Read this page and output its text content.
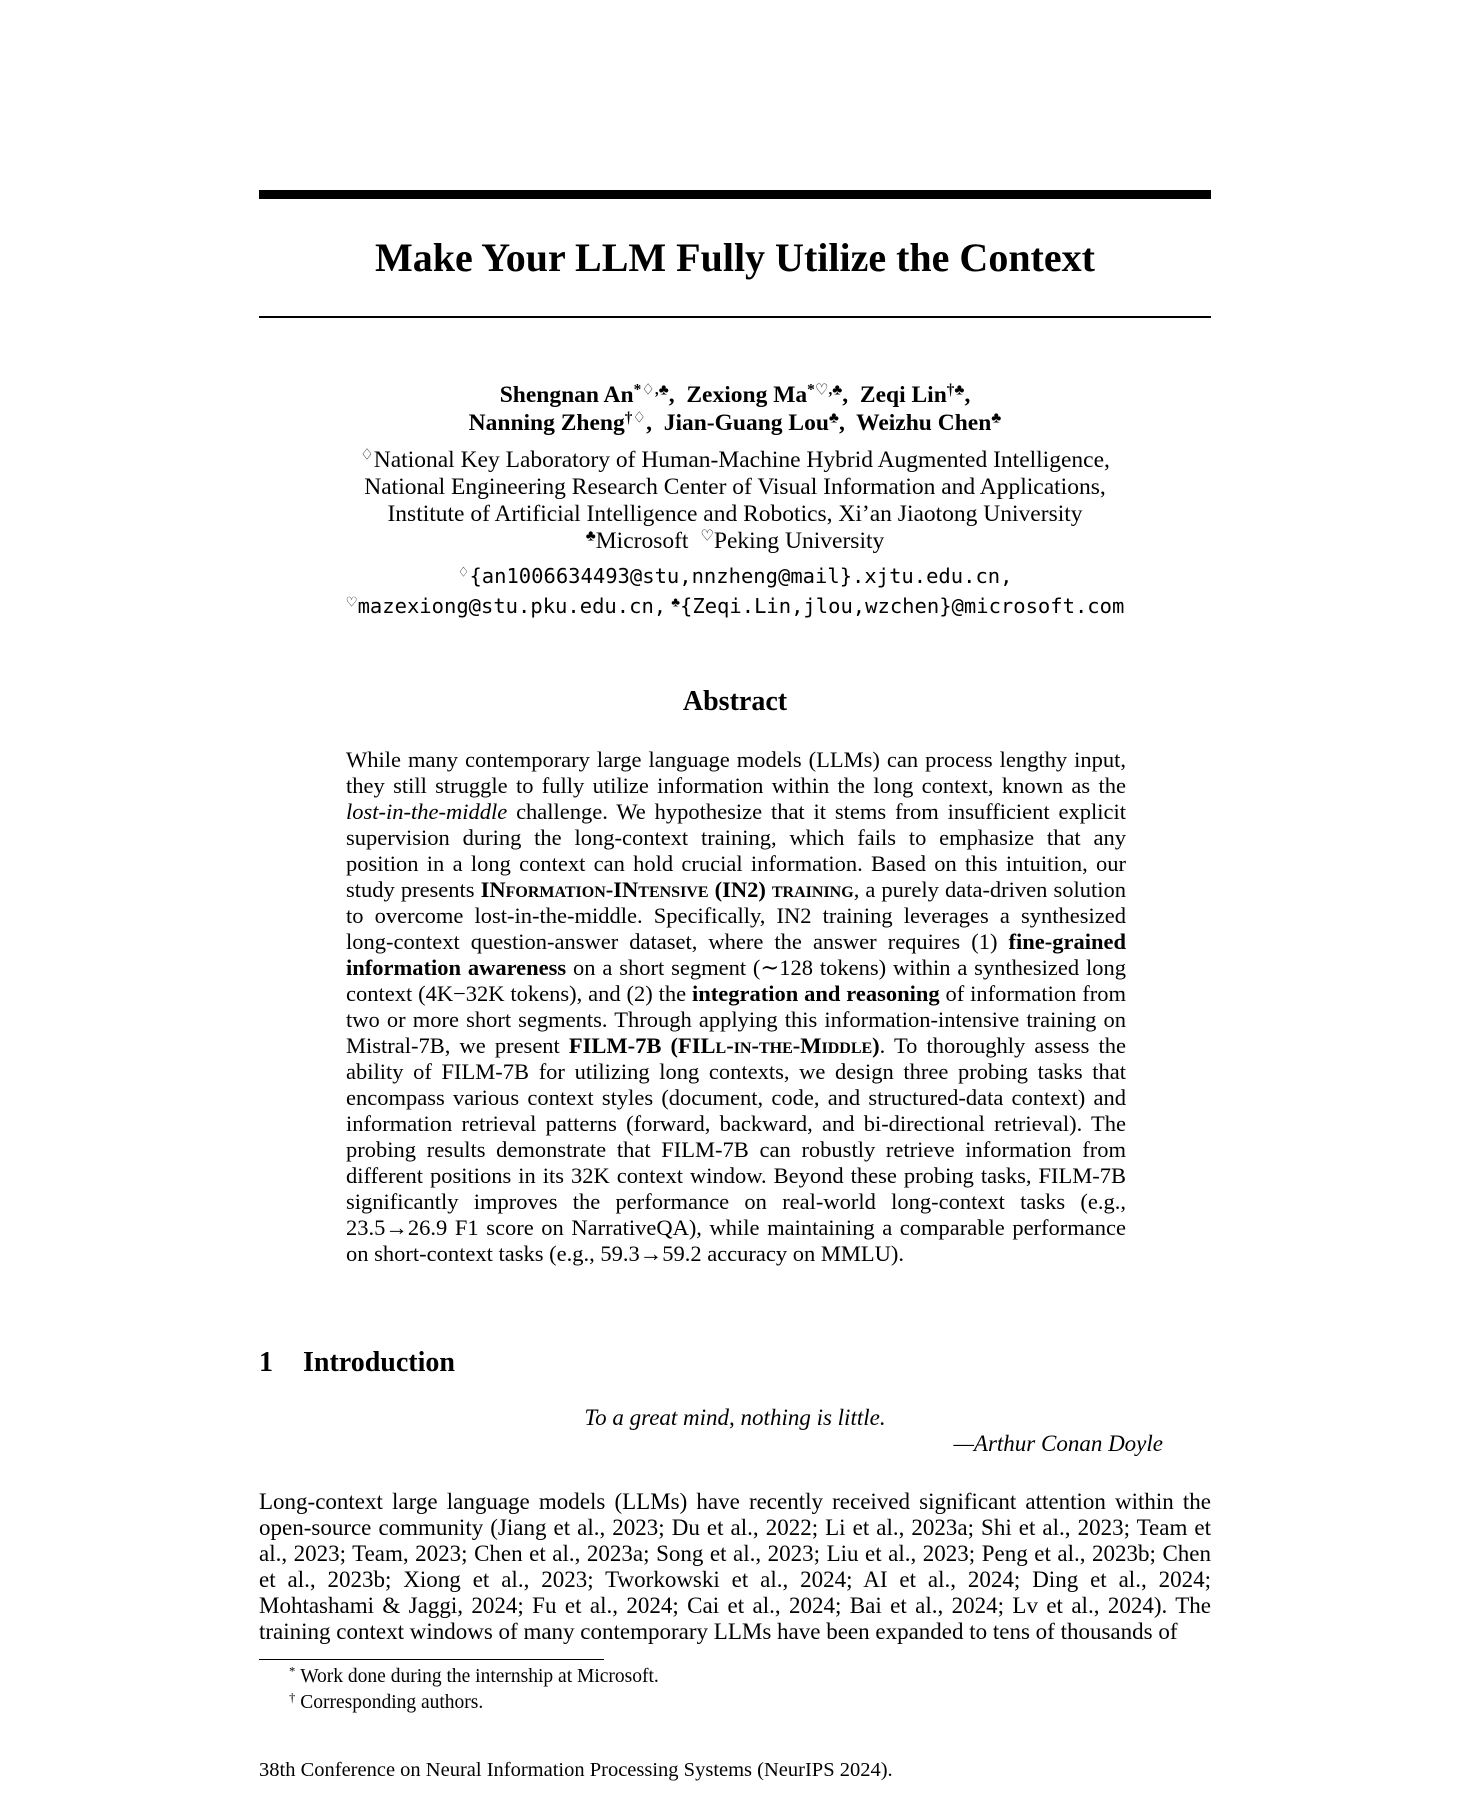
Make Your LLM Fully Utilize the Context
Shengnan An*♢,♣,  Zexiong Ma*♡,♣,  Zeqi Lin†♣,
Nanning Zheng†♢,  Jian-Guang Lou♣,  Weizhu Chen♣
♢National Key Laboratory of Human-Machine Hybrid Augmented Intelligence,
National Engineering Research Center of Visual Information and Applications,
Institute of Artificial Intelligence and Robotics, Xi’an Jiaotong University
♣Microsoft ♡Peking University
♢{an1006634493@stu,nnzheng@mail}.xjtu.edu.cn,
♡mazexiong@stu.pku.edu.cn, ♣{Zeqi.Lin,jlou,wzchen}@microsoft.com
Abstract
While many contemporary large language models (LLMs) can process lengthy input, they still struggle to fully utilize information within the long context, known as the lost-in-the-middle challenge. We hypothesize that it stems from insufficient explicit supervision during the long-context training, which fails to emphasize that any position in a long context can hold crucial information. Based on this intuition, our study presents INformation-INtensive (IN2) training, a purely data-driven solution to overcome lost-in-the-middle. Specifically, IN2 training leverages a synthesized long-context question-answer dataset, where the answer requires (1) fine-grained information awareness on a short segment (∼128 tokens) within a synthesized long context (4K−32K tokens), and (2) the integration and reasoning of information from two or more short segments. Through applying this information-intensive training on Mistral-7B, we present FILM-7B (FILl-in-the-Middle). To thoroughly assess the ability of FILM-7B for utilizing long contexts, we design three probing tasks that encompass various context styles (document, code, and structured-data context) and information retrieval patterns (forward, backward, and bi-directional retrieval). The probing results demonstrate that FILM-7B can robustly retrieve information from different positions in its 32K context window. Beyond these probing tasks, FILM-7B significantly improves the performance on real-world long-context tasks (e.g., 23.5→26.9 F1 score on NarrativeQA), while maintaining a comparable performance on short-context tasks (e.g., 59.3→59.2 accuracy on MMLU).
1 Introduction
To a great mind, nothing is little.
—Arthur Conan Doyle
Long-context large language models (LLMs) have recently received significant attention within the open-source community (Jiang et al., 2023; Du et al., 2022; Li et al., 2023a; Shi et al., 2023; Team et al., 2023; Team, 2023; Chen et al., 2023a; Song et al., 2023; Liu et al., 2023; Peng et al., 2023b; Chen et al., 2023b; Xiong et al., 2023; Tworkowski et al., 2024; AI et al., 2024; Ding et al., 2024; Mohtashami & Jaggi, 2024; Fu et al., 2024; Cai et al., 2024; Bai et al., 2024; Lv et al., 2024). The training context windows of many contemporary LLMs have been expanded to tens of thousands of
* Work done during the internship at Microsoft.
† Corresponding authors.
38th Conference on Neural Information Processing Systems (NeurIPS 2024).
